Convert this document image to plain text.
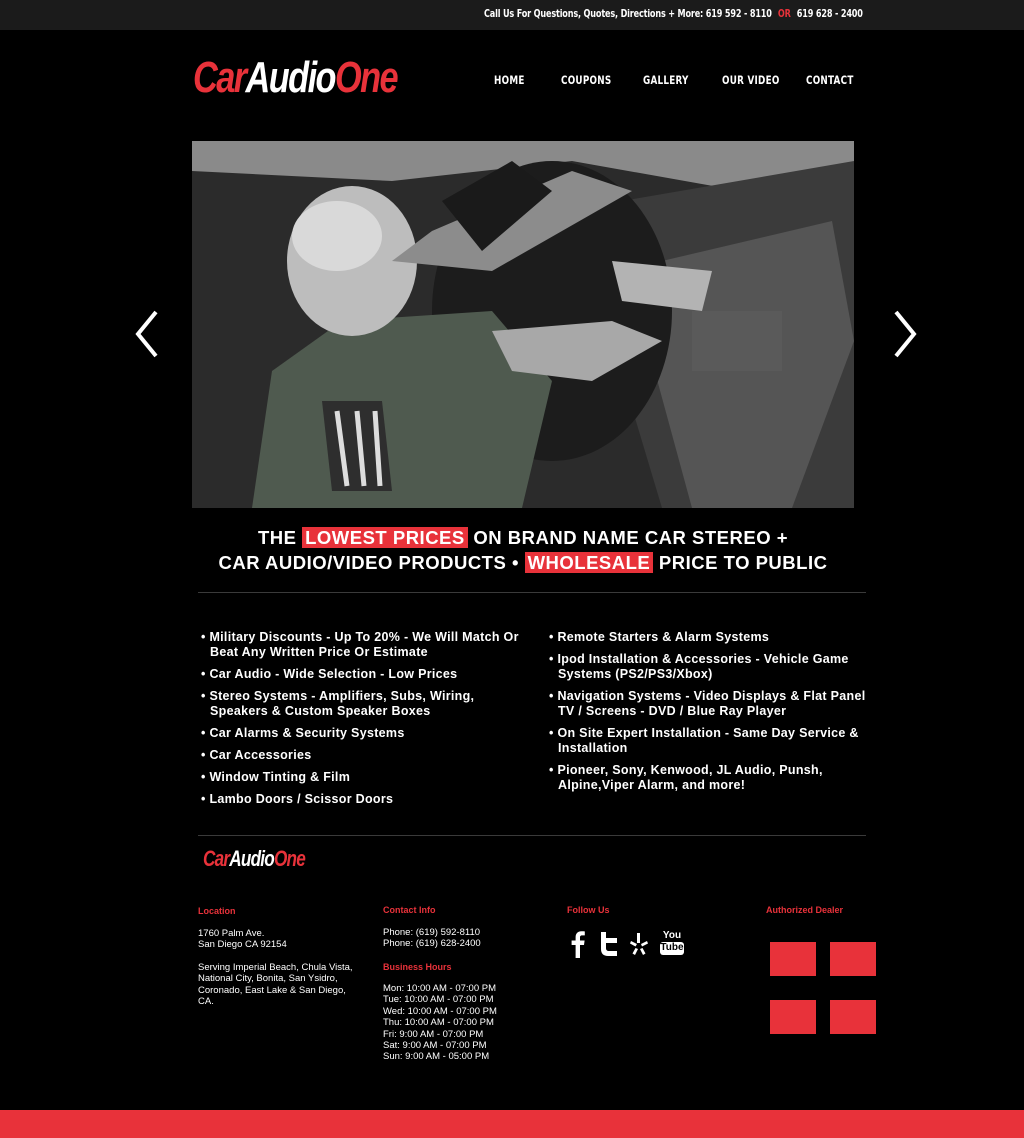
Call Us For Questions, Quotes, Directions + More: 619 592 - 8110 OR 619 628 - 2400
CarAudioOne	HOME	COUPONS	GALLERY	OUR VIDEO CONTACT
THE LOWEST PRICES ON BRAND NAME CAR STEREO +
CAR AUDIO/VIDEO PRODUCTS • WHOLESALE PRICE TO PUBLIC
• Military Discounts - Up To 20% - We Will Match Or Beat Any Written Price Or Estimate
• Car Audio - Wide Selection - Low Prices
• Stereo Systems - Amplifiers, Subs, Wiring, Speakers & Custom Speaker Boxes
• Car Alarms & Security Systems
• Car Accessories
• Window Tinting & Film
• Lambo Doors / Scissor Doors
• Remote Starters & Alarm Systems
• Ipod Installation & Accessories - Vehicle Game Systems (PS2/PS3/Xbox)
• Navigation Systems - Video Displays & Flat Panel TV / Screens - DVD / Blue Ray Player
• On Site Expert Installation - Same Day Service & Installation
• Pioneer, Sony, Kenwood, JL Audio, Punsh, Alpine,Viper Alarm, and more!
CarAudioOne
Location
1760 Palm Ave.
San Diego CA 92154
Serving Imperial Beach, Chula Vista, National City, Bonita, San Ysidro, Coronado, East Lake & San Diego, CA.
Contact Info
Phone: (619) 592-8110
Phone: (619) 628-2400
Business Hours
Mon: 10:00 AM - 07:00 PM
Tue: 10:00 AM - 07:00 PM
Wed: 10:00 AM - 07:00 PM
Thu: 10:00 AM - 07:00 PM
Fri: 9:00 AM - 07:00 PM
Sat: 9:00 AM - 07:00 PM
Sun: 9:00 AM - 05:00 PM
Follow Us
You
Tube
Authorized Dealer
